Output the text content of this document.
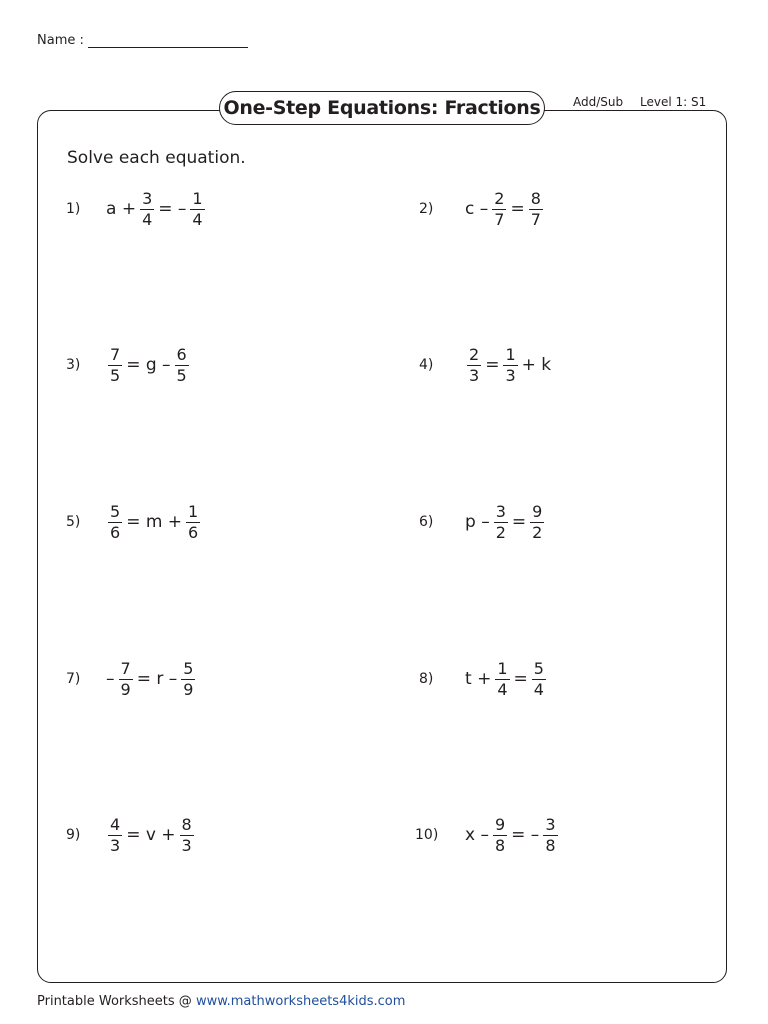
Name :
One-Step Equations: Fractions	Add/Sub Level 1: S1
Solve each equation.
1)	$a + \frac{3}{4}$ = – $\frac{1}{4}$	2)	$c - \frac{2}{7} = \frac{8}{7}$
3)	$\frac{7}{5} = g - \frac{6}{5}$	4)	$\frac{2}{3} = \frac{1}{3} + k$
5)	$\frac{5}{6} = m + \frac{1}{6}$	6)	$p - \frac{3}{2} = \frac{9}{2}$
7)	– $\frac{7}{9} = r - \frac{5}{9}$	8)	$t + \frac{1}{4} = \frac{5}{4}$
9)	$\frac{4}{3} = v + \frac{8}{3}$	10)	x – $\frac{9}{8}$ = – $\frac{3}{8}$
Printable Worksheets @ www.mathworksheets4kids.com
